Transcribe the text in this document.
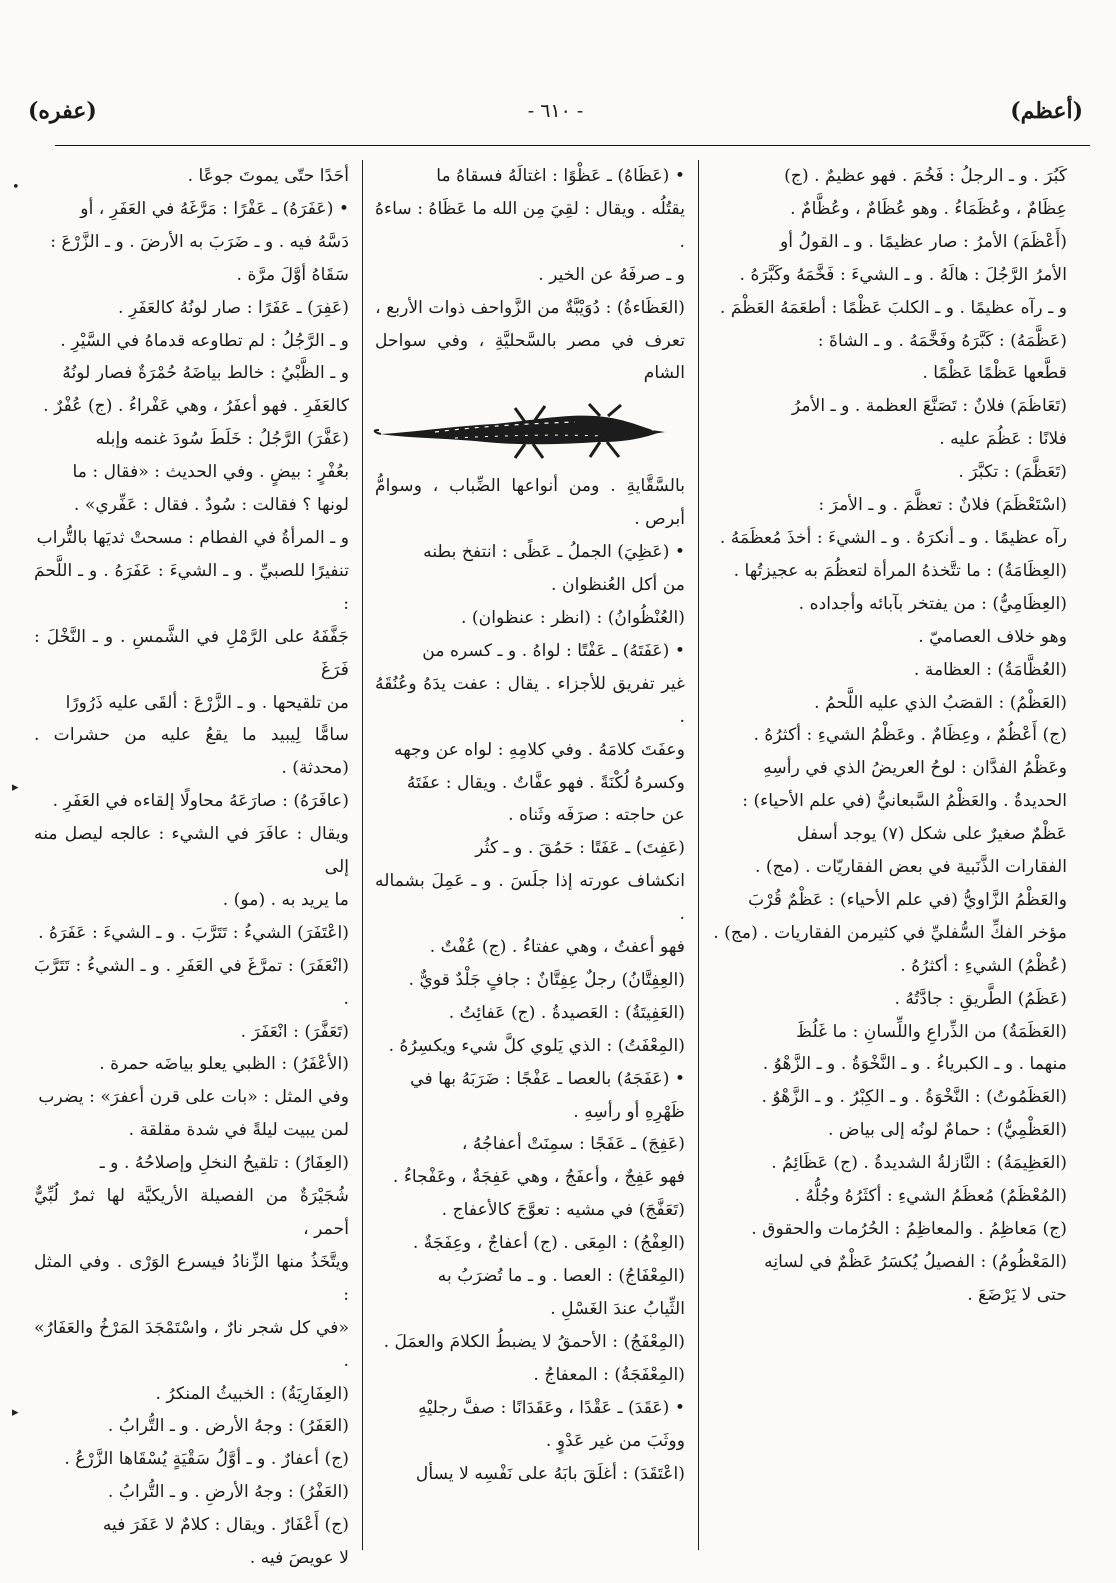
(أعظم)
- ٦١٠ -
(عفره)

كَبُرَ . و ـ الرجلُ : فَخُمَ . فهو عظيمٌ . (ج)

عِظَامٌ ، وعُظَمَاءُ . وهو عُظَامٌ ، وعُظَّامٌ .

(أَعْظَمَ) الأمرُ : صار عظيمًا . و ـ القولُ أو

الأمرُ الرَّجُلَ : هالَهُ . و ـ الشيءَ : فَخَّمَهُ وكَبَّرَهُ .

و ـ رآه عظيمًا . و ـ الكلبَ عَظْمًا : أطعَمَهُ العَظْمَ .

(عَظَّمَهُ) : كَبَّرَهُ وفَخَّمَهُ . و ـ الشاةَ :

قطَّعها عَظْمًا عَظْمًا .

(تَعَاظَمَ) فلانٌ : تَصَنَّعَ العظمة . و ـ الأمرُ

فلانًا : عَظُمَ عليه .

(تَعَظَّمَ) : تكبَّرَ .

(اسْتَعْظَمَ) فلانٌ : تعظَّمَ . و ـ الأمرَ :

رآه عظيمًا . و ـ أنكرَهُ . و ـ الشيءَ : أخذَ مُعظَمَهُ .

(العِظَامَةُ) : ما تتَّخذهُ المرأة لتعظُمَ به عجيزتُها .

(العِظَامِيُّ) : من يفتخر بآبائه وأجداده .

وهو خلاف العصاميّ .

(العُظَّامَةُ) : العظامة .

(العَظْمُ) : القصَبُ الذي عليه اللَّحمُ .

(ج) أَعْظُمٌ ، وعِظَامٌ . وعَظْمُ الشيءِ : أكثرُهُ .

وعَظْمُ الفدَّان : لوحُ العريضُ الذي في رأسِهِ

الحديدةُ . والعَظْمُ السَّبعانيُّ (في علم الأحياء) :

عَظْمٌ صغيرٌ على شكل (٧) يوجد أسفل

الفقارات الذَّنَبية في بعض الفقاريّات . (مج) .

والعَظْمُ الزَّاويُّ (في علم الأحياء) : عَظْمٌ قُرْبَ

مؤخر الفكِّ السُّفليِّ في كثيرمن الفقاريات . (مج) .

(عُظْمُ) الشيءِ : أكثرُهُ .

(عَظَمُ) الطَّريقِ : جادَّتُهُ .

(العَظَمَةُ) من الذِّراعِ واللِّسانِ : ما غَلُظَ

منهما . و ـ الكبرياءُ . و ـ النَّخْوَةُ . و ـ الزَّهْوُ .

(العَظَمُوتُ) : النَّخْوَةُ . و ـ الكِبْرُ . و ـ الزَّهْوُ .

(العَظْمِيُّ) : حمامٌ لونُه إلى بياض .

(العَظِيمَةُ) : النَّازلةُ الشديدةُ . (ج) عَظَائِمُ .

(المُعْظَمُ) مُعظَمُ الشيءِ : أكثَرُهُ وجُلُّهُ .

(ج) مَعاظِمُ . والمعاظِمُ : الحُرُمات والحقوق .

(المَعْظُومُ) : الفصيلُ يُكسَرُ عَظْمٌ في لسانِه

حتى لا يَرْضَعَ .

• (عَظَاهُ) ـ عَظْوًا : اغتالَهُ فسقاهُ ما

يقتُلُه . ويقال : لقِيَ مِن الله ما عَظَاهُ : ساءهُ .

و ـ صرفَهُ عن الخير .

(العَظَاءةُ) : دُوَيْبَّةٌ من الزَّواحف ذوات الأربع ،

تعرف في مصر بالسَّحليَّةِ ، وفي سواحل الشام

بالسَّقَّايةِ . ومن أنواعها الضِّباب ، وسوامُّ أبرص .

• (عَظِيَ) الجملُ ـ عَظًى : انتفخ بطنه

من أكل العُنظوان .

(العُنْظُوانُ) : (انظر : عنظوان) .

• (عَفَتَهُ) ـ عَفْتًا : لواهُ . و ـ كسره من

غير تفريق للأجزاء . يقال : عفت يدَهُ وعُنُقَهُ .

وعفَتَ كلامَهُ . وفي كلامِهِ : لواه عن وجهه

وكسرهُ لُكْنَةً . فهو عفَّاتٌ . ويقال : عفَتَهُ

عن حاجته : صرَفَه وثَناه .

(عَفِتَ) ـ عَفَتًا : حَمُقَ . و ـ كثُر

انكشاف عورته إذا جلَسَ . و ـ عَمِلَ بشماله .

فهو أعفتُ ، وهي عفتاءُ . (ج) عُفْتٌ .

(العِفِتَّانُ) رجلٌ عِفِتَّانٌ : جافٍ جَلْدٌ قويٌّ .

(العَفِيتَةُ) : العَصيدةُ . (ج) عَفائِتُ .

(المِعْفَتُ) : الذي يَلوي كلَّ شيء ويكسِرُهُ .

• (عَفَجَهُ) بالعصا ـ عَفْجًا : ضَرَبَهُ بها في

ظَهْرِهِ أو رأسِهِ .

(عَفِجَ) ـ عَفَجًا : سمِنَتْ أعفاجُهُ ،

فهو عَفِجٌ ، وأعفَجُ ، وهي عَفِجَةٌ ، وعَفْجاءُ .

(تَعَفَّجَ) في مشيه : تعوَّجَ كالأعفاج .

(العِفْجُ) : المِعَى . (ج) أعفاجٌ ، وعِفَجَةٌ .

(المِعْفَاجُ) : العصا . و ـ ما تُضرَبُ به

الثِّيابُ عندَ الغَسْلِ .

(المِعْفَجُ) : الأحمقُ لا يضبطُ الكلامَ والعمَلَ .

(المِعْفَجَةُ) : المعفاجُ .

• (عَقَدَ) ـ عَقْدًا ، وعَقَدَانًا : صفَّ رجليْهِ

ووثَبَ من غير عَدْوٍ .

(اعْتَقَدَ) : أغلَقَ بابَهُ على نَفْسِه لا يسأل

أحَدًا حتّى يموتَ جوعًا .

• (عَفَرَهُ) ـ عَفْرًا : مَرَّغَهُ في العَفَرِ ، أو

دَسَّهُ فيه . و ـ ضَرَبَ به الأرضَ . و ـ الزَّرْعَ :

سَقَاهُ أوَّلَ مرَّة .

(عَفِرَ) ـ عَفَرًا : صار لونُهُ كالعَفَرِ .

و ـ الرَّجُلُ : لم تطاوعه قدماهُ في السَّيْرِ .

و ـ الظَّبْيُ : خالط بياضَهُ حُمْرَةٌ فصار لونُهُ

كالعَفَرِ . فهو أعفَرُ ، وهي عَفْراءُ . (ج) عُفْرٌ .

(عَفَّرَ) الرَّجُلُ : خَلَطَ سُودَ غنمه وإبله

بعُفْرٍ : بيضٍ . وفي الحديث : «فقال : ما

لونها ؟ فقالت : سُودٌ . فقال : عَفِّري» .

و ـ المرأةُ في الفطام : مسحتْ ثديَها بالتُّراب

تنفيرًا للصبيِّ . و ـ الشيءَ : عَفَرَهُ . و ـ اللَّحمَ :

جَفَّفَهُ على الرَّمْلِ في الشَّمسِ . و ـ النَّخْلَ : فَرَغَ

من تلقيحها . و ـ الزَّرْعَ : ألقَى عليه ذَرُورًا

سامًّا لِيبيد ما يقعُ عليه من حشرات . (محدثة) .

(عافَرَهُ) : صارَعَهُ محاولًا إلقاءه في العَفَرِ .

ويقال : عافَرَ في الشيء : عالجه ليصل منه إلى

ما يريد به . (مو) .

(اعْتَفَرَ) الشيءُ : تَتَرَّبَ . و ـ الشيءَ : عَفَرَهُ .

(انْعَفَرَ) : تمرَّغَ في العَفَرِ . و ـ الشيءُ : تَتَرَّبَ .

(تَعَفَّرَ) : انْعَفَرَ .

(الأعْفَرُ) : الظبي يعلو بياضَه حمرة .

وفي المثل : «بات على قرن أعفرَ» : يضرب

لمن يبيت ليلةً في شدة مقلقة .

(العِفَارُ) : تلقيحُ النخلِ وإصلاحُهُ . و ـ

شُجَيْرَةٌ من الفصيلة الأريكيَّة لها ثمرٌ لُبِّيٌّ أحمر ،

ويتَّخَذُ منها الزِّنادُ فيسرع الوَرْى . وفي المثل :

«في كل شجر نارٌ ، واسْتَمْجَدَ المَرْخُ والعَفَارُ» .

(العِفَارِيَةُ) : الخبيثُ المنكرُ .

(العَفَرُ) : وجهُ الأرض . و ـ التُّرابُ .

(ج) أعفارٌ . و ـ أوَّلُ سَقْيَةٍ يُسْقَاها الزَّرْعُ .

(العَفْرُ) : وجهُ الأرضِ . و ـ التُّرابُ .

(ج) أَعْفَارٌ . ويقال : كلامٌ لا عَفَرَ فيه

لا عويصَ فيه .

•
▸
▸
